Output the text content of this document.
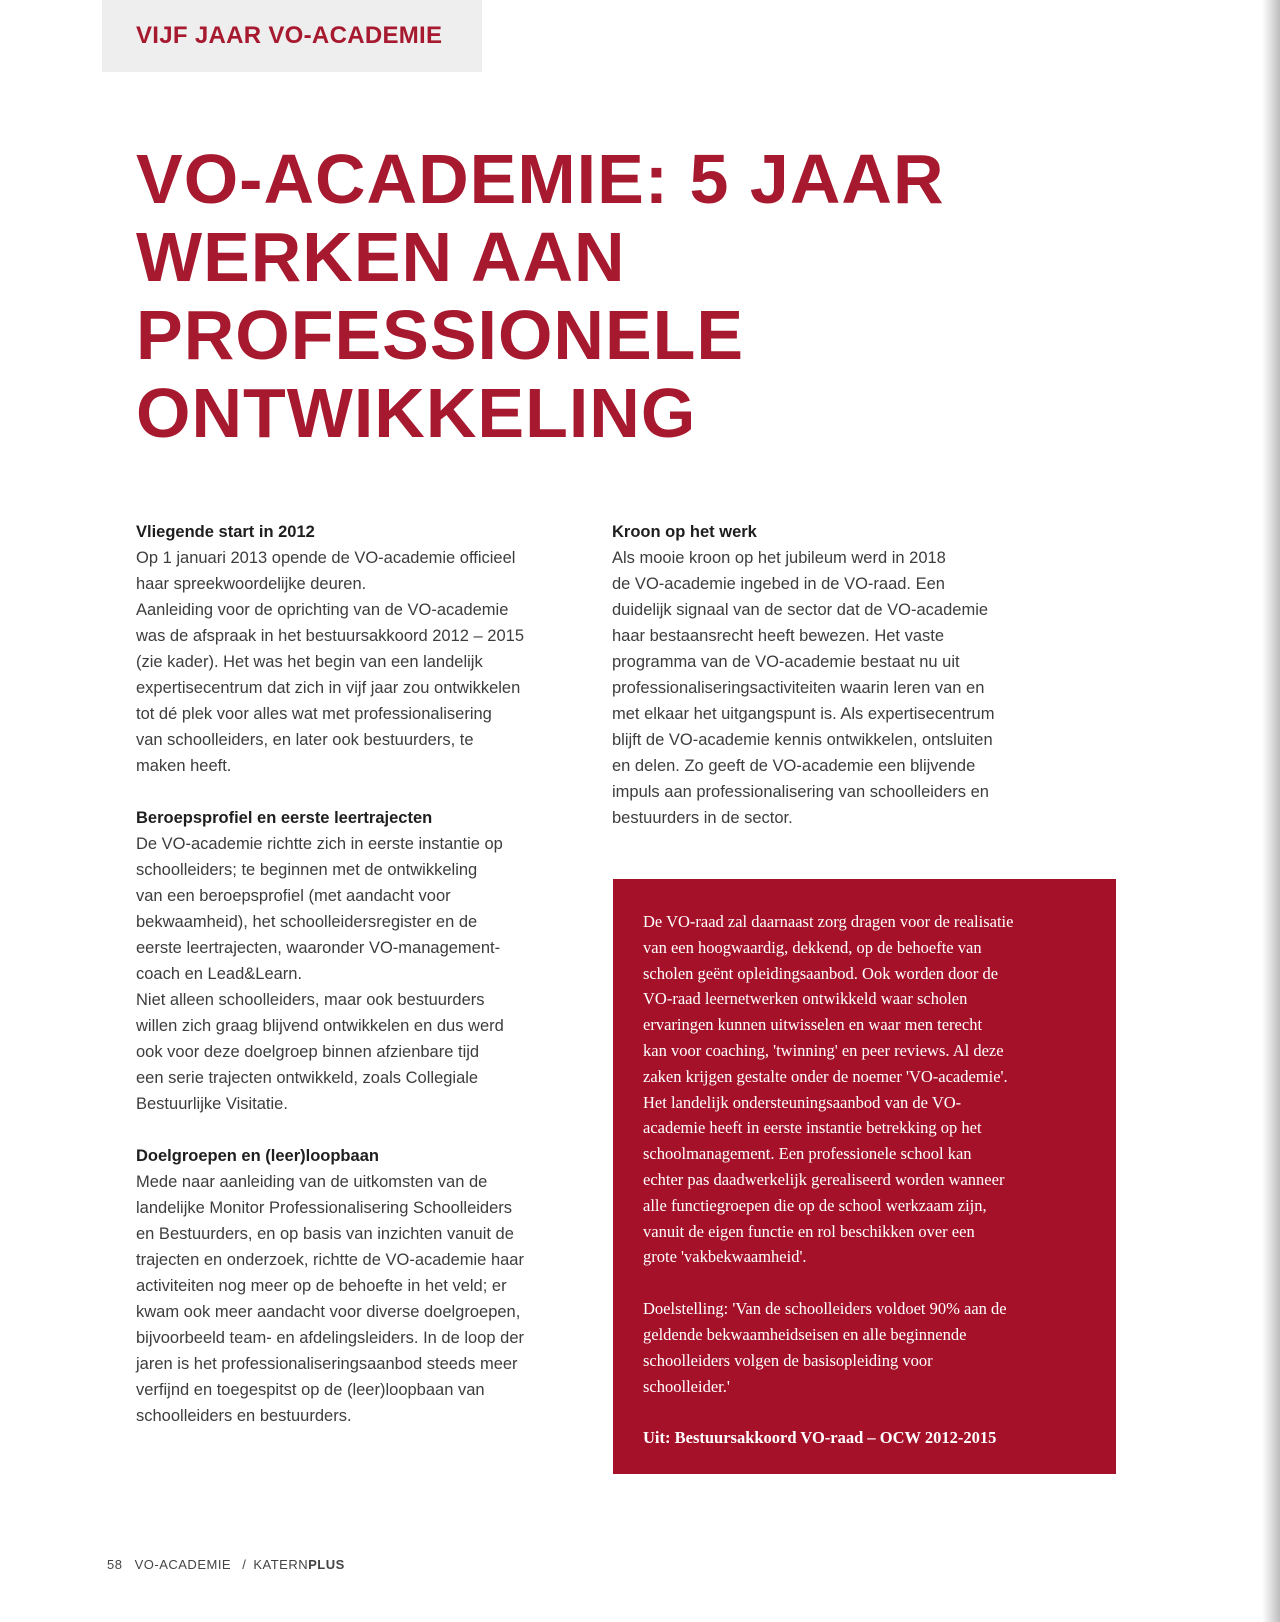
VIJF JAAR VO-ACADEMIE
VO-ACADEMIE: 5 JAAR
WERKEN AAN
PROFESSIONELE
ONTWIKKELING

Vliegende start in 2012

Op 1 januari 2013 opende de VO-academie officieel

haar spreekwoordelijke deuren.

Aanleiding voor de oprichting van de VO-academie

was de afspraak in het bestuursakkoord 2012 – 2015

(zie kader). Het was het begin van een landelijk

expertisecentrum dat zich in vijf jaar zou ontwikkelen

tot dé plek voor alles wat met professionalisering

van schoolleiders, en later ook bestuurders, te

maken heeft.

Beroepsprofiel en eerste leertrajecten

De VO-academie richtte zich in eerste instantie op

schoolleiders; te beginnen met de ontwikkeling

van een beroepsprofiel (met aandacht voor

bekwaamheid), het schoolleidersregister en de

eerste leertrajecten, waaronder VO-management-

coach en Lead&Learn.

Niet alleen schoolleiders, maar ook bestuurders

willen zich graag blijvend ontwikkelen en dus werd

ook voor deze doelgroep binnen afzienbare tijd

een serie trajecten ontwikkeld, zoals Collegiale

Bestuurlijke Visitatie.

Doelgroepen en (leer)loopbaan

Mede naar aanleiding van de uitkomsten van de

landelijke Monitor Professionalisering Schoolleiders

en Bestuurders, en op basis van inzichten vanuit de

trajecten en onderzoek, richtte de VO-academie haar

activiteiten nog meer op de behoefte in het veld; er

kwam ook meer aandacht voor diverse doelgroepen,

bijvoorbeeld team- en afdelingsleiders. In de loop der

jaren is het professionaliseringsaanbod steeds meer

verfijnd en toegespitst op de (leer)loopbaan van

schoolleiders en bestuurders.

Kroon op het werk

Als mooie kroon op het jubileum werd in 2018

de VO-academie ingebed in de VO-raad. Een

duidelijk signaal van de sector dat de VO-academie

haar bestaansrecht heeft bewezen. Het vaste

programma van de VO-academie bestaat nu uit

professionaliseringsactiviteiten waarin leren van en

met elkaar het uitgangspunt is. Als expertisecentrum

blijft de VO-academie kennis ontwikkelen, ontsluiten

en delen. Zo geeft de VO-academie een blijvende

impuls aan professionalisering van schoolleiders en

bestuurders in de sector.

De VO-raad zal daarnaast zorg dragen voor de realisatie

van een hoogwaardig, dekkend, op de behoefte van

scholen geënt opleidingsaanbod. Ook worden door de

VO-raad leernetwerken ontwikkeld waar scholen

ervaringen kunnen uitwisselen en waar men terecht

kan voor coaching, 'twinning' en peer reviews. Al deze

zaken krijgen gestalte onder de noemer 'VO-academie'.

Het landelijk ondersteuningsaanbod van de VO-

academie heeft in eerste instantie betrekking op het

schoolmanagement. Een professionele school kan

echter pas daadwerkelijk gerealiseerd worden wanneer

alle functiegroepen die op de school werkzaam zijn,

vanuit de eigen functie en rol beschikken over een

grote 'vakbekwaamheid'.

Doelstelling: 'Van de schoolleiders voldoet 90% aan de

geldende bekwaamheidseisen en alle beginnende

schoolleiders volgen de basisopleiding voor

schoolleider.'

Uit: Bestuursakkoord VO-raad – OCW 2012-2015

58 VO-ACADEMIE / KATERNPLUS
